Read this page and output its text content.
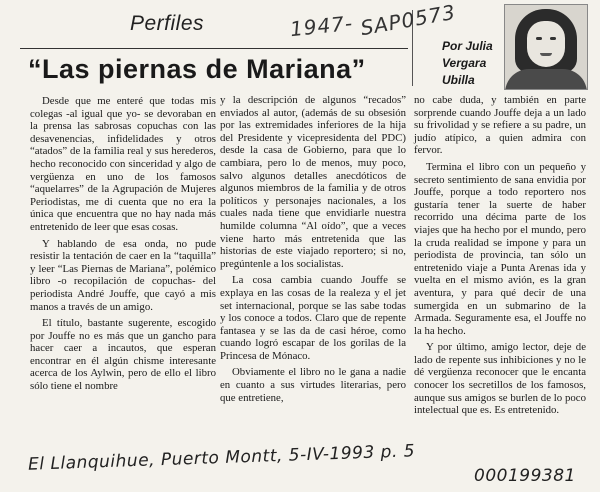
Perfiles	1947- SAP0573
“Las piernas de Mariana”
Por Julia
Vergara
Ubilla

Desde que me enteré que todas mis colegas -al igual que yo- se devoraban en la prensa las sabrosas copuchas con las desavenencias, infidelidades y otros “atados” de la familia real y sus herederos, hecho reconocido con sinceridad y algo de vergüenza en uno de los famosos “aquelarres” de la Agrupación de Mujeres Periodistas, me di cuenta que no era la única que encuentra que no hay nada más entretenido de leer que esas cosas.

Y hablando de esa onda, no pude resistir la tentación de caer en la “taquilla” y leer “Las Piernas de Mariana”, polémico libro -o recopilación de copuchas- del periodista André Jouffe, que cayó a mis manos a través de un amigo.

El título, bastante sugerente, escogido por Jouffe no es más que un gancho para hacer caer a incautos, que esperan encontrar en él algún chisme interesante acerca de los Aylwin, pero de ello el libro sólo tiene el nombre

y la descripción de algunos “recados” enviados al autor, (además de su obsesión por las extremidades inferiores de la hija del Presidente y vicepresidenta del PDC) desde la casa de Gobierno, para que lo cambiara, pero lo de menos, muy poco, salvo algunos detalles anecdóticos de algunos miembros de la familia y de otros políticos y personajes nacionales, a los cuales nada tiene que envidiarle nuestra humilde columna “Al oído”, que a veces viene harto más entretenida que las historias de este viajado reportero; si no, pregúntenle a los socialistas.

La cosa cambia cuando Jouffe se explaya en las cosas de la realeza y el jet set internacional, porque se las sabe todas y los conoce a todos. Claro que de repente fantasea y se las da de casi héroe, como cuando logró escapar de los gorilas de la Princesa de Mónaco.

Obviamente el libro no le gana a nadie en cuanto a sus virtudes literarias, pero que entretiene,

no cabe duda, y también en parte sorprende cuando Jouffe deja a un lado su frivolidad y se refiere a su padre, un judío atípico, a quien admira con fervor.

Termina el libro con un pequeño y secreto sentimiento de sana envidia por Jouffe, porque a todo reportero nos gustaría tener la suerte de haber recorrido una décima parte de los viajes que ha hecho por el mundo, pero la cruda realidad se impone y para un periodista de provincia, tan sólo un entretenido viaje a Punta Arenas ida y vuelta en el mismo avión, es la gran aventura, y para qué decir de una sumergida en un submarino de la Armada. Seguramente esa, el Jouffe no la ha hecho.

Y por último, amigo lector, deje de lado de repente sus inhibiciones y no le dé vergüenza reconocer que le encanta conocer los secretillos de los famosos, aunque sus amigos se burlen de lo poco intelectual que es. Es entretenido.

El Llanquihue, Puerto Montt, 5-IV-1993 p. 5
000199381
